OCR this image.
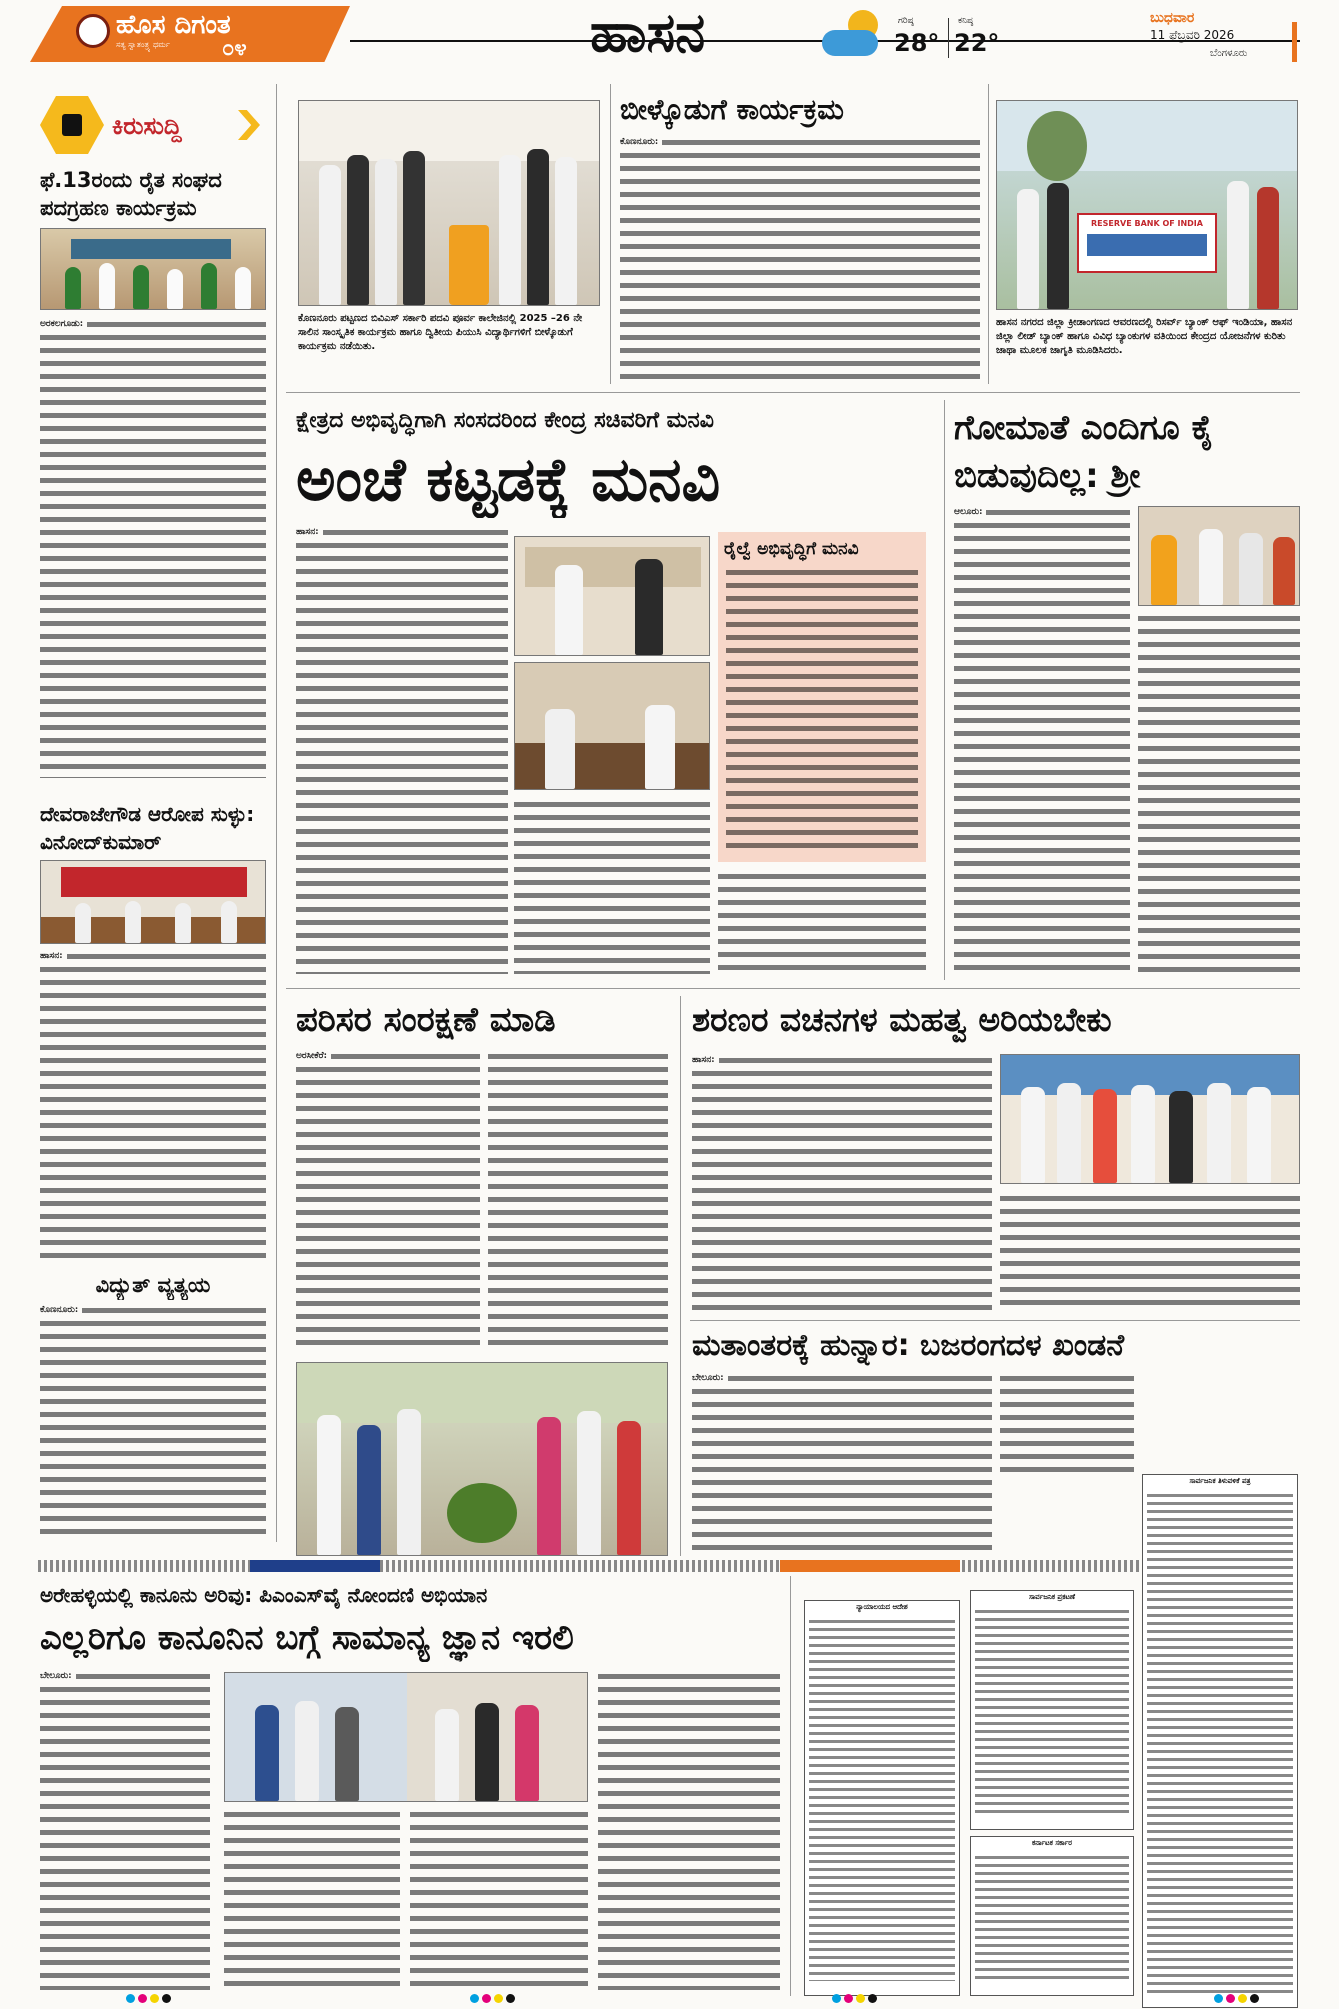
ಹೊಸ ದಿಗಂತ
ಸತ್ಯ ಸ್ವಾತಂತ್ರ್ಯ ಧರ್ಮ	೦೪	ಹಾಸನ	ಗರಿಷ್ಠ
28°
ಕನಿಷ್ಠ
22°
ಬುಧವಾರ
11 ಫೆಬ್ರವರಿ 2026
ಬೆಂಗಳೂರು
ಕಿರುಸುದ್ದಿ
ಫೆ.13ರಂದು ರೈತ ಸಂಘದ ಪದಗ್ರಹಣ ಕಾರ್ಯಕ್ರಮ
ಅರಕಲಗೂಡು:
ದೇವರಾಜೇಗೌಡ ಆರೋಪ ಸುಳ್ಳು: ವಿನೋದ್‌ಕುಮಾರ್
ಹಾಸನ:
ವಿದ್ಯುತ್ ವ್ಯತ್ಯಯ
ಕೊಣನೂರು:
ಕೊಣನೂರು ಪಟ್ಟಣದ ಬಿವಿಎಸ್ ಸರ್ಕಾರಿ ಪದವಿ ಪೂರ್ವ ಕಾಲೇಜಿನಲ್ಲಿ 2025 –26 ನೇ ಸಾಲಿನ ಸಾಂಸ್ಕೃತಿಕ ಕಾರ್ಯಕ್ರಮ ಹಾಗೂ ದ್ವಿತೀಯ ಪಿಯುಸಿ ವಿದ್ಯಾರ್ಥಿಗಳಿಗೆ ಬೀಳ್ಕೊಡುಗೆ ಕಾರ್ಯಕ್ರಮ ನಡೆಯಿತು.
ಬೀಳ್ಕೊಡುಗೆ ಕಾರ್ಯಕ್ರಮ
ಕೊಣನೂರು:
RESERVE BANK OF INDIA
ಹಾಸನ ನಗರದ ಜಿಲ್ಲಾ ಕ್ರೀಡಾಂಗಣದ ಆವರಣದಲ್ಲಿ ರಿಸರ್ವ್ ಬ್ಯಾಂಕ್ ಆಫ್ ಇಂಡಿಯಾ, ಹಾಸನ ಜಿಲ್ಲಾ ಲೀಡ್ ಬ್ಯಾಂಕ್ ಹಾಗೂ ವಿವಿಧ ಬ್ಯಾಂಕುಗಳ ವತಿಯಿಂದ ಕೇಂದ್ರದ ಯೋಜನೆಗಳ ಕುರಿತು ಜಾಥಾ ಮೂಲಕ ಜಾಗೃತಿ ಮೂಡಿಸಿದರು.
ಕ್ಷೇತ್ರದ ಅಭಿವೃದ್ಧಿಗಾಗಿ ಸಂಸದರಿಂದ ಕೇಂದ್ರ ಸಚಿವರಿಗೆ ಮನವಿ
ಅಂಚೆ ಕಟ್ಟಡಕ್ಕೆ ಮನವಿ
ಹಾಸನ:
ರೈಲ್ವೆ ಅಭಿವೃದ್ಧಿಗೆ ಮನವಿ
ಗೋಮಾತೆ ಎಂದಿಗೂ ಕೈ ಬಿಡುವುದಿಲ್ಲ: ಶ್ರೀ
ಆಲೂರು:
ಪರಿಸರ ಸಂರಕ್ಷಣೆ ಮಾಡಿ
ಅರಸೀಕೆರೆ:
ಶರಣರ ವಚನಗಳ ಮಹತ್ವ ಅರಿಯಬೇಕು
ಹಾಸನ:
ಮತಾಂತರಕ್ಕೆ ಹುನ್ನಾರ: ಬಜರಂಗದಳ ಖಂಡನೆ
ಬೇಲೂರು:
ಸಾರ್ವಜನಿಕ ತಿಳುವಳಿಕೆ ಪತ್ರ
ಅರೇಹಳ್ಳಿಯಲ್ಲಿ ಕಾನೂನು ಅರಿವು: ಪಿಎಂಎಸ್‌ವೈ ನೋಂದಣಿ ಅಭಿಯಾನ
ಎಲ್ಲರಿಗೂ ಕಾನೂನಿನ ಬಗ್ಗೆ ಸಾಮಾನ್ಯ ಜ್ಞಾನ ಇರಲಿ
ಬೇಲೂರು:
ನ್ಯಾಯಾಲಯದ ಆದೇಶ
ಸಾರ್ವಜನಿಕ ಪ್ರಕಟಣೆ
ಕರ್ನಾಟಕ ಸರ್ಕಾರ
